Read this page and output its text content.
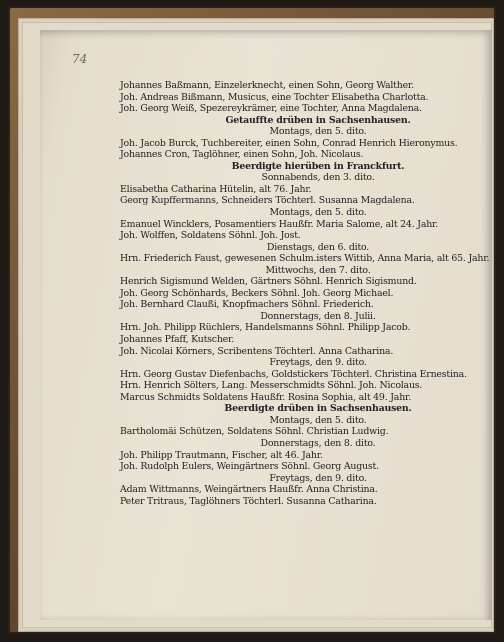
74
Johannes Baßmann, Einzelerknecht, einen Sohn, Georg Walther.
Joh. Andreas Bißmann, Musicus, eine Tochter Elisabetha Charlotta.
Joh. Georg Weiß, Spezereykrämer, eine Tochter, Anna Magdalena.
Getauffte drüben in Sachsenhausen.
Montags, den 5. dito.
Joh. Jacob Burck, Tuchbereiter, einen Sohn, Conrad Henrich Hieronymus.
Johannes Cron, Taglöhner, einen Sohn, Joh. Nicolaus.
Beerdigte hierüben in Franckfurt.
Sonnabends, den 3. dito.
Elisabetha Catharina Hütelin, alt 76. Jahr.
Georg Kupffermanns, Schneiders Töchterl. Susanna Magdalena.
Montags, den 5. dito.
Emanuel Wincklers, Posamentiers Haußfr. Maria Salome, alt 24. Jahr.
Joh. Wolffen, Soldatens Söhnl. Joh. Jost.
Dienstags, den 6. dito.
Hrn. Friederich Faust, gewesenen Schulm.isters Wittib, Anna Maria, alt 65. Jahr.
Mittwochs, den 7. dito.
Henrich Sigismund Welden, Gärtners Söhnl. Henrich Sigismund.
Joh. Georg Schönhards, Beckers Söhnl. Joh. Georg Michael.
Joh. Bernhard Claußi, Knopfmachers Söhnl. Friederich.
Donnerstags, den 8. Julii.
Hrn. Joh. Philipp Rüchlers, Handelsmanns Söhnl. Philipp Jacob.
Johannes Pfaff, Kutscher.
Joh. Nicolai Körners, Scribentens Töchterl. Anna Catharina.
Freytags, den 9. dito.
Hrn. Georg Gustav Diefenbachs, Goldstickers Töchterl. Christina Ernestina.
Hrn. Henrich Sölters, Lang. Messerschmidts Söhnl. Joh. Nicolaus.
Marcus Schmidts Soldatens Haußfr. Rosina Sophia, alt 49. Jahr.
Beerdigte drüben in Sachsenhausen.
Montags, den 5. dito.
Bartholomäi Schützen, Soldatens Söhnl. Christian Ludwig.
Donnerstags, den 8. dito.
Joh. Philipp Trautmann, Fischer, alt 46. Jahr.
Joh. Rudolph Eulers, Weingärtners Söhnl. Georg August.
Freytags, den 9. dito.
Adam Wittmanns, Weingärtners Haußfr. Anna Christina.
Peter Tritraus, Taglöhners Töchterl. Susanna Catharina.
